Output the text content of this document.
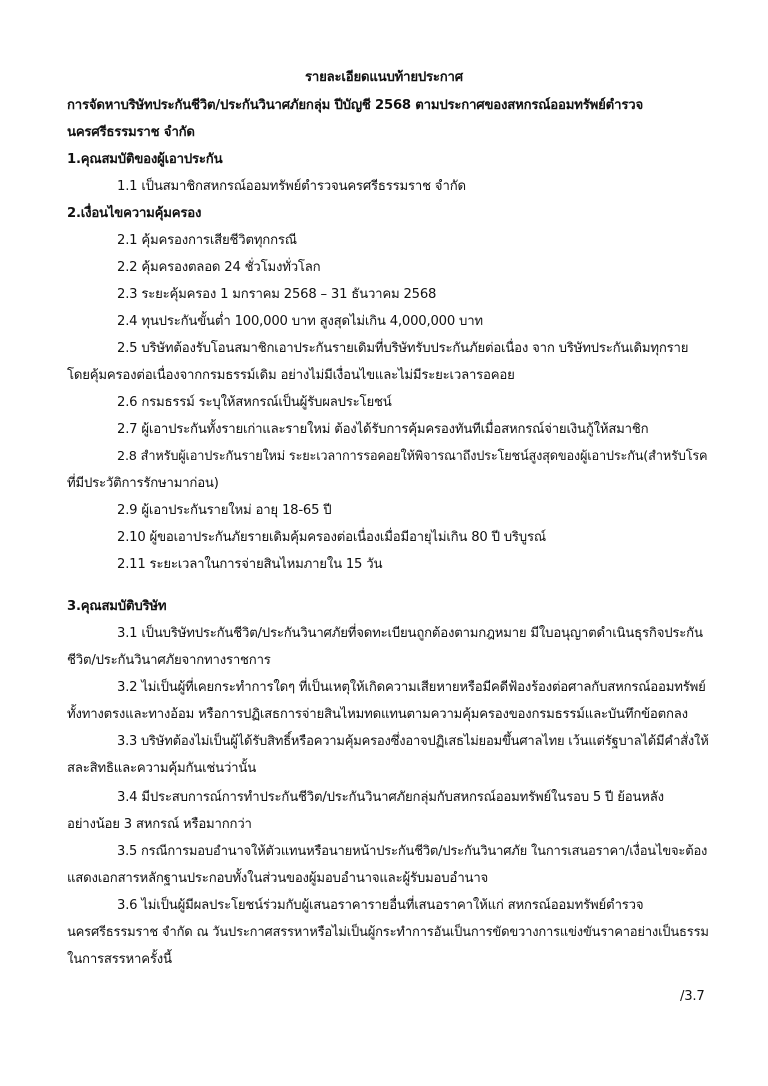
รายละเอียดแนบท้ายประกาศ
การจัดหาบริษัทประกันชีวิต/ประกันวินาศภัยกลุ่ม ปีบัญชี 2568 ตามประกาศของสหกรณ์ออมทรัพย์ตำรวจ
นครศรีธรรมราช จำกัด
1.คุณสมบัติของผู้เอาประกัน
1.1 เป็นสมาชิกสหกรณ์ออมทรัพย์ตำรวจนครศรีธรรมราช จำกัด
2.เงื่อนไขความคุ้มครอง
2.1 คุ้มครองการเสียชีวิตทุกกรณี
2.2 คุ้มครองตลอด 24 ชั่วโมงทั่วโลก
2.3 ระยะคุ้มครอง 1 มกราคม 2568 – 31 ธันวาคม 2568
2.4 ทุนประกันขั้นต่ำ 100,000 บาท สูงสุดไม่เกิน 4,000,000 บาท
2.5 บริษัทต้องรับโอนสมาชิกเอาประกันรายเดิมที่บริษัทรับประกันภัยต่อเนื่อง จาก บริษัทประกันเดิมทุกราย
โดยคุ้มครองต่อเนื่องจากกรมธรรม์เดิม อย่างไม่มีเงื่อนไขและไม่มีระยะเวลารอคอย
2.6 กรมธรรม์ ระบุให้สหกรณ์เป็นผู้รับผลประโยชน์
2.7 ผู้เอาประกันทั้งรายเก่าและรายใหม่ ต้องได้รับการคุ้มครองทันทีเมื่อสหกรณ์จ่ายเงินกู้ให้สมาชิก
2.8 สำหรับผู้เอาประกันรายใหม่ ระยะเวลาการรอคอยให้พิจารณาถึงประโยชน์สูงสุดของผู้เอาประกัน(สำหรับโรค
ที่มีประวัติการรักษามาก่อน)
2.9 ผู้เอาประกันรายใหม่ อายุ 18-65 ปี
2.10 ผู้ขอเอาประกันภัยรายเดิมคุ้มครองต่อเนื่องเมื่อมีอายุไม่เกิน 80 ปี บริบูรณ์
2.11 ระยะเวลาในการจ่ายสินไหมภายใน 15 วัน
3.คุณสมบัติบริษัท
3.1 เป็นบริษัทประกันชีวิต/ประกันวินาศภัยที่จดทะเบียนถูกต้องตามกฎหมาย มีใบอนุญาตดำเนินธุรกิจประกัน
ชีวิต/ประกันวินาศภัยจากทางราชการ
3.2 ไม่เป็นผู้ที่เคยกระทำการใดๆ ที่เป็นเหตุให้เกิดความเสียหายหรือมีคดีฟ้องร้องต่อศาลกับสหกรณ์ออมทรัพย์
ทั้งทางตรงและทางอ้อม หรือการปฏิเสธการจ่ายสินไหมทดแทนตามความคุ้มครองของกรมธรรม์และบันทึกข้อตกลง
3.3 บริษัทต้องไม่เป็นผู้ได้รับสิทธิ์หรือความคุ้มครองซึ่งอาจปฏิเสธไม่ยอมขึ้นศาลไทย เว้นแต่รัฐบาลได้มีคำสั่งให้
สละสิทธิและความคุ้มกันเช่นว่านั้น
3.4 มีประสบการณ์การทำประกันชีวิต/ประกันวินาศภัยกลุ่มกับสหกรณ์ออมทรัพย์ในรอบ 5 ปี ย้อนหลัง
อย่างน้อย 3 สหกรณ์ หรือมากกว่า
3.5 กรณีการมอบอำนาจให้ตัวแทนหรือนายหน้าประกันชีวิต/ประกันวินาศภัย ในการเสนอราคา/เงื่อนไขจะต้อง
แสดงเอกสารหลักฐานประกอบทั้งในส่วนของผู้มอบอำนาจและผู้รับมอบอำนาจ
3.6 ไม่เป็นผู้มีผลประโยชน์ร่วมกับผู้เสนอราคารายอื่นที่เสนอราคาให้แก่ สหกรณ์ออมทรัพย์ตำรวจ
นครศรีธรรมราช จำกัด ณ วันประกาศสรรหาหรือไม่เป็นผู้กระทำการอันเป็นการขัดขวางการแข่งขันราคาอย่างเป็นธรรม
ในการสรรหาครั้งนี้
/3.7
